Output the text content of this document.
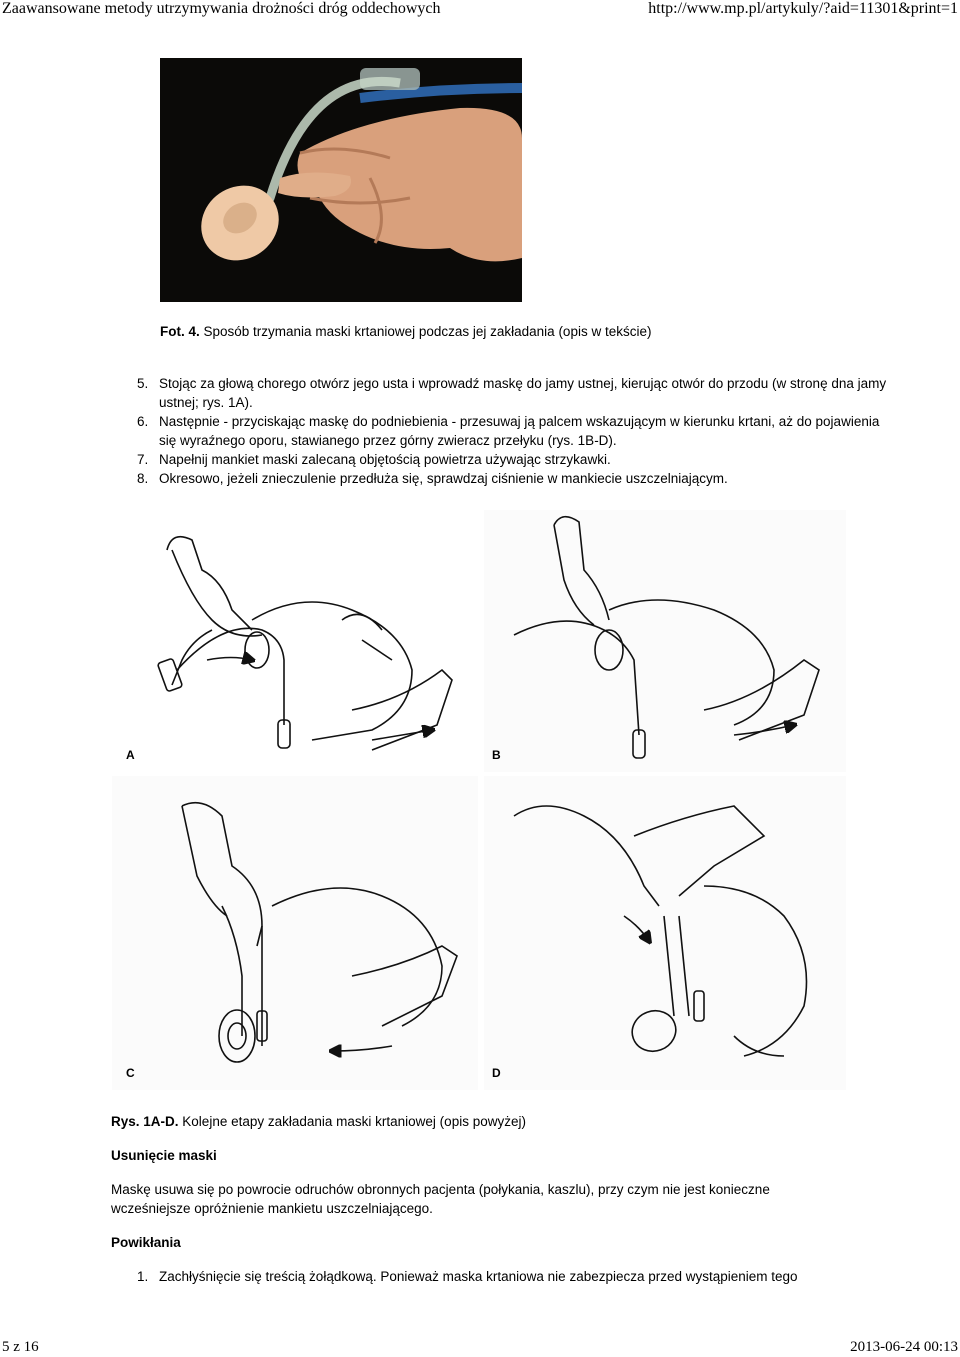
Zaawansowane metody utrzymywania drożności dróg oddechowych	http://www.mp.pl/artykuly/?aid=11301&print=1
Fot. 4. Sposób trzymania maski krtaniowej podczas jej zakładania (opis w tekście)
5. Stojąc za głową chorego otwórz jego usta i wprowadź maskę do jamy ustnej, kierując otwór do przodu (w stronę dna jamy ustnej; rys. 1A).
6. Następnie - przyciskając maskę do podniebienia - przesuwaj ją palcem wskazującym w kierunku krtani, aż do pojawienia się wyraźnego oporu, stawianego przez górny zwieracz przełyku (rys. 1B-D).
7. Napełnij mankiet maski zalecaną objętością powietrza używając strzykawki.
8. Okresowo, jeżeli znieczulenie przedłuża się, sprawdzaj ciśnienie w mankiecie uszczelniającym.
A	B
C	D
Rys. 1A-D. Kolejne etapy zakładania maski krtaniowej (opis powyżej)
Usunięcie maski
Maskę usuwa się po powrocie odruchów obronnych pacjenta (połykania, kaszlu), przy czym nie jest konieczne wcześniejsze opróżnienie mankietu uszczelniającego.
Powikłania
1. Zachłyśnięcie się treścią żołądkową. Ponieważ maska krtaniowa nie zabezpiecza przed wystąpieniem tego
5 z 16	2013-06-24 00:13
